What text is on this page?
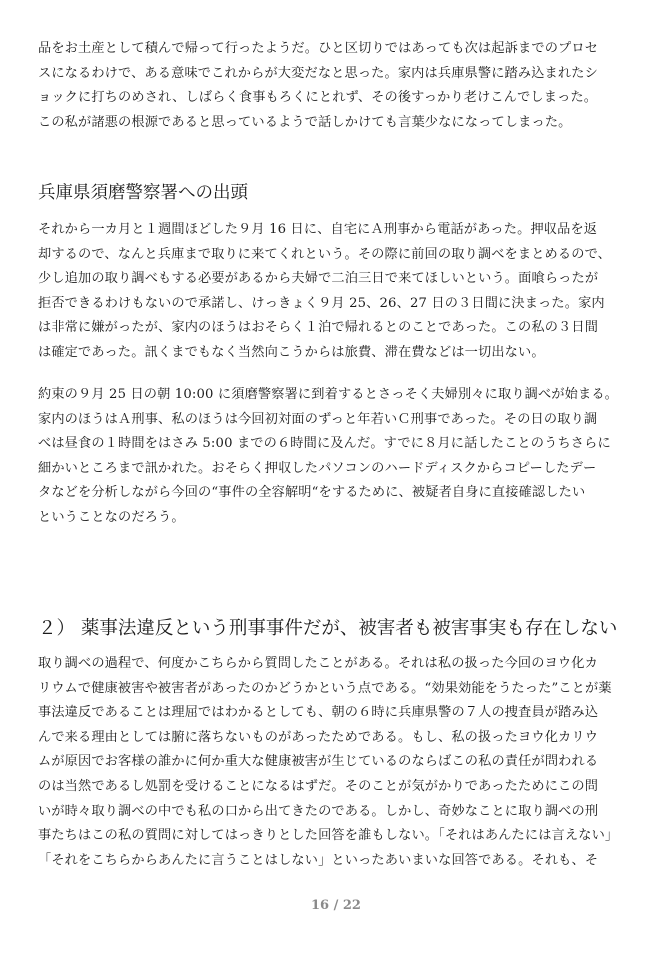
品をお土産として積んで帰って行ったようだ。ひと区切りではあっても次は起訴までのプロセ
スになるわけで、ある意味でこれからが大変だなと思った。家内は兵庫県警に踏み込まれたシ
ョックに打ちのめされ、しばらく食事もろくにとれず、その後すっかり老けこんでしまった。
この私が諸悪の根源であると思っているようで話しかけても言葉少なになってしまった。
兵庫県須磨警察署への出頭
それから一カ月と１週間ほどした９月 16 日に、自宅にＡ刑事から電話があった。押収品を返
却するので、なんと兵庫まで取りに来てくれという。その際に前回の取り調べをまとめるので、
少し追加の取り調べもする必要があるから夫婦で二泊三日で来てほしいという。面喰らったが
拒否できるわけもないので承諾し、けっきょく９月 25、26、27 日の３日間に決まった。家内
は非常に嫌がったが、家内のほうはおそらく１泊で帰れるとのことであった。この私の３日間
は確定であった。訊くまでもなく当然向こうからは旅費、滞在費などは一切出ない。
約束の９月 25 日の朝 10:00 に須磨警察署に到着するとさっそく夫婦別々に取り調べが始まる。
家内のほうはＡ刑事、私のほうは今回初対面のずっと年若いＣ刑事であった。その日の取り調
べは昼食の１時間をはさみ 5:00 までの６時間に及んだ。すでに８月に話したことのうちさらに
細かいところまで訊かれた。おそらく押収したパソコンのハードディスクからコピーしたデー
タなどを分析しながら今回の“事件の全容解明“をするために、被疑者自身に直接確認したい
ということなのだろう。
２） 薬事法違反という刑事事件だが、被害者も被害事実も存在しない
取り調べの過程で、何度かこちらから質問したことがある。それは私の扱った今回のヨウ化カ
リウムで健康被害や被害者があったのかどうかという点である。“効果効能をうたった”ことが薬
事法違反であることは理屈ではわかるとしても、朝の６時に兵庫県警の７人の捜査員が踏み込
んで来る理由としては腑に落ちないものがあったためである。もし、私の扱ったヨウ化カリウ
ムが原因でお客様の誰かに何か重大な健康被害が生じているのならばこの私の責任が問われる
のは当然であるし処罰を受けることになるはずだ。そのことが気がかりであったためにこの問
いが時々取り調べの中でも私の口から出てきたのである。しかし、奇妙なことに取り調べの刑
事たちはこの私の質問に対してはっきりとした回答を誰もしない。「それはあんたには言えない」
「それをこちらからあんたに言うことはしない」といったあいまいな回答である。それも、そ
16 / 22
